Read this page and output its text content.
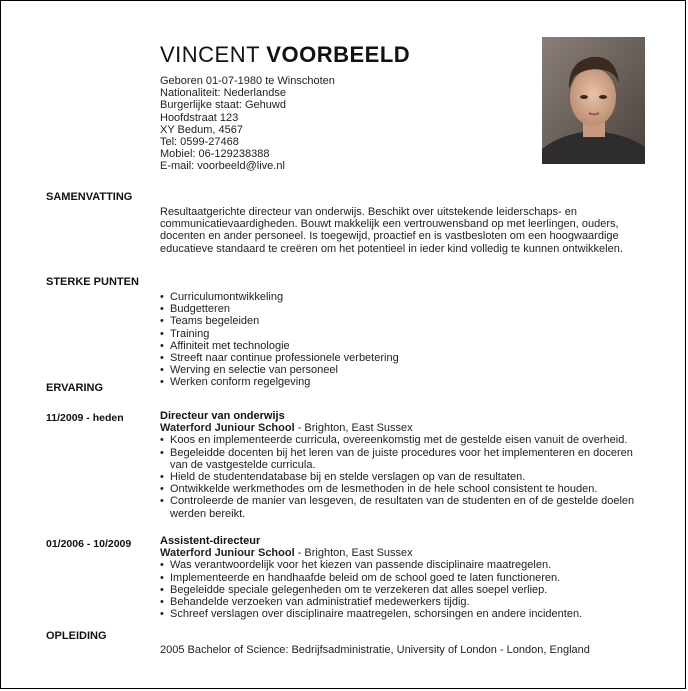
VINCENT VOORBEELD
Geboren 01-07-1980 te Winschoten
Nationaliteit: Nederlandse
Burgerlijke staat: Gehuwd
Hoofdstraat 123
XY Bedum, 4567
Tel: 0599-27468
Mobiel: 06-129238388
E-mail: voorbeeld@live.nl
SAMENVATTING

Resultaatgerichte directeur van onderwijs. Beschikt over uitstekende leiderschaps- en communicatievaardigheden. Bouwt makkelijk een vertrouwensband op met leerlingen, ouders, docenten en ander personeel. Is toegewijd, proactief en is vastbesloten om een hoogwaardige educatieve standaard te creëren om het potentieel in ieder kind volledig te kunnen ontwikkelen.

STERKE PUNTEN
• Curriculumontwikkeling
• Budgetteren
• Teams begeleiden
• Training
• Affiniteit met technologie
• Streeft naar continue professionele verbetering
• Werving en selectie van personeel
• Werken conform regelgeving
ERVARING
11/2009 - heden	Directeur van onderwijs
Waterford Juniour School - Brighton, East Sussex
• Koos en implementeerde curricula, overeenkomstig met de gestelde eisen vanuit de overheid.
• Begeleidde docenten bij het leren van de juiste procedures voor het implementeren en doceren van de vastgestelde curricula.
• Hield de studentendatabase bij en stelde verslagen op van de resultaten.
• Ontwikkelde werkmethodes om de lesmethoden in de hele school consistent te houden.
• Controleerde de manier van lesgeven, de resultaten van de studenten en of de gestelde doelen werden bereikt.
01/2006 - 10/2009	Assistent-directeur
Waterford Juniour School - Brighton, East Sussex
• Was verantwoordelijk voor het kiezen van passende disciplinaire maatregelen.
• Implementeerde en handhaafde beleid om de school goed te laten functioneren.
• Begeleidde speciale gelegenheden om te verzekeren dat alles soepel verliep.
• Behandelde verzoeken van administratief medewerkers tijdig.
• Schreef verslagen over disciplinaire maatregelen, schorsingen en andere incidenten.
OPLEIDING

2005 Bachelor of Science: Bedrijfsadministratie, University of London - London, England
